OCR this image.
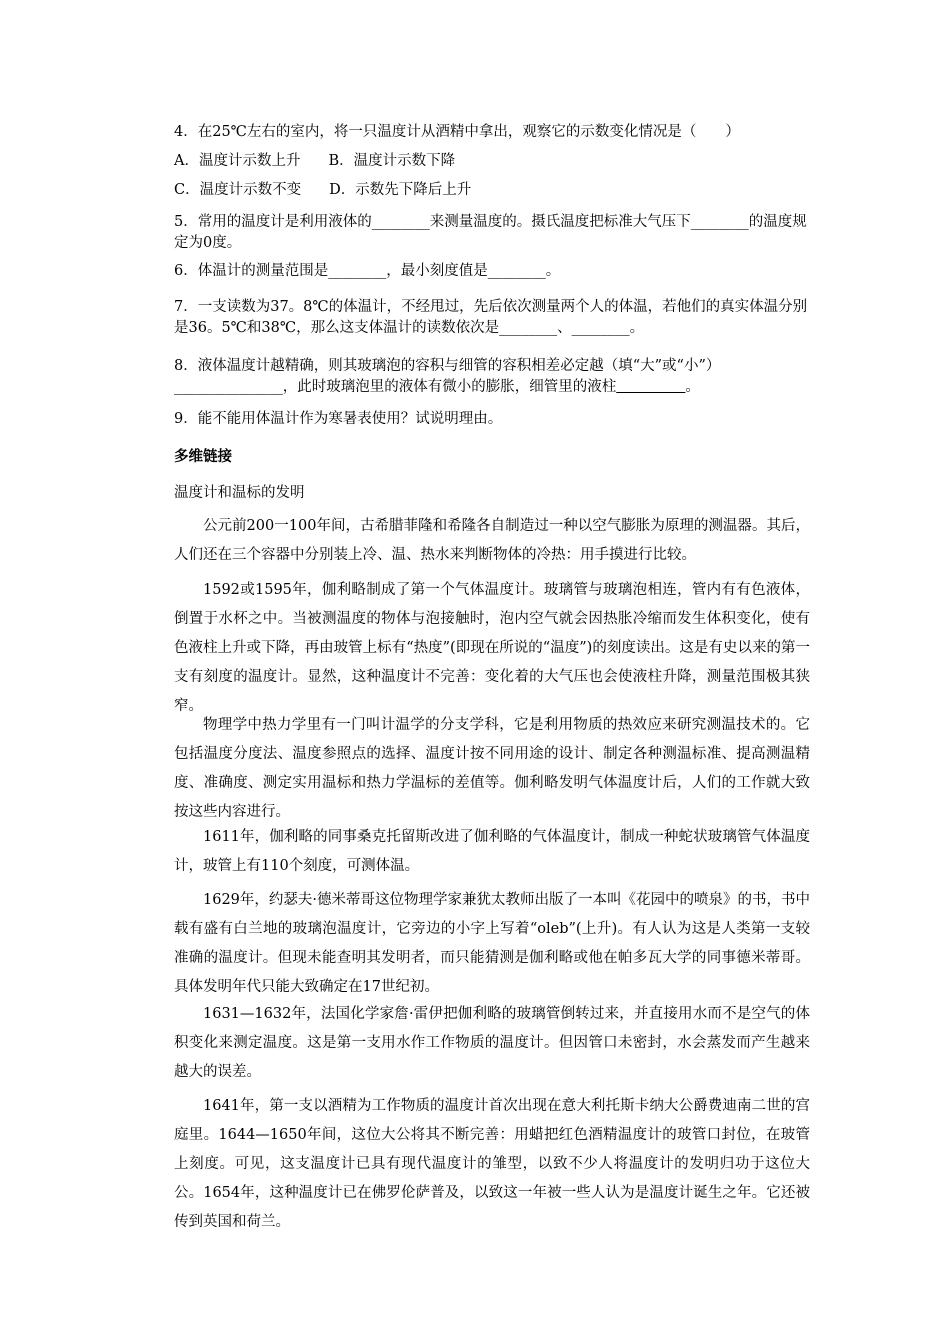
4．在25℃左右的室内，将一只温度计从酒精中拿出，观察它的示数变化情况是（　　）
A．温度计示数上升 B．温度计示数下降
C．温度计示数不变 D．示数先下降后上升
5．常用的温度计是利用液体的________来测量温度的。摄氏温度把标准大气压下________的温度规定为0度。
6．体温计的测量范围是________，最小刻度值是________。
7．一支读数为37。8℃的体温计，不经甩过，先后依次测量两个人的体温，若他们的真实体温分别是36。5℃和38℃，那么这支体温计的读数依次是________、________。
8．液体温度计越精确，则其玻璃泡的容积与细管的容积相差必定越（填“大”或“小”）_______________，此时玻璃泡里的液体有微小的膨胀，细管里的液柱	。
9．能不能用体温计作为寒暑表使用？试说明理由。
多维链接
温度计和温标的发明
公元前200一100年间，古希腊菲隆和希隆各自制造过一种以空气膨胀为原理的测温器。其后，人们还在三个容器中分别装上冷、温、热水来判断物体的冷热：用手摸进行比较。
1592或1595年，伽利略制成了第一个气体温度计。玻璃管与玻璃泡相连，管内有有色液体，倒置于水杯之中。当被测温度的物体与泡接触时，泡内空气就会因热胀冷缩而发生体积变化，使有色液柱上升或下降，再由玻管上标有“热度”(即现在所说的“温度”)的刻度读出。这是有史以来的第一支有刻度的温度计。显然，这种温度计不完善：变化着的大气压也会使液柱升降，测量范围极其狭窄。
物理学中热力学里有一门叫计温学的分支学科，它是利用物质的热效应来研究测温技术的。它包括温度分度法、温度参照点的选择、温度计按不同用途的设计、制定各种测温标准、提高测温精度、准确度、测定实用温标和热力学温标的差值等。伽利略发明气体温度计后，人们的工作就大致按这些内容进行。
1611年，伽利略的同事桑克托留斯改进了伽利略的气体温度计，制成一种蛇状玻璃管气体温度计，玻管上有110个刻度，可测体温。
1629年，约瑟夫·德米蒂哥这位物理学家兼犹太教师出版了一本叫《花园中的喷泉》的书，书中载有盛有白兰地的玻璃泡温度计，它旁边的小字上写着“oleb”(上升)。有人认为这是人类第一支较准确的温度计。但现未能查明其发明者，而只能猜测是伽利略或他在帕多瓦大学的同事德米蒂哥。具体发明年代只能大致确定在17世纪初。
1631—1632年，法国化学家詹·雷伊把伽利略的玻璃管倒转过来，并直接用水而不是空气的体积变化来测定温度。这是第一支用水作工作物质的温度计。但因管口未密封，水会蒸发而产生越来越大的误差。
1641年，第一支以酒精为工作物质的温度计首次出现在意大利托斯卡纳大公爵费迪南二世的宫庭里。1644—1650年间，这位大公将其不断完善：用蜡把红色酒精温度计的玻管口封位，在玻管上刻度。可见，这支温度计已具有现代温度计的雏型，以致不少人将温度计的发明归功于这位大公。1654年，这种温度计已在佛罗伦萨普及，以致这一年被一些人认为是温度计诞生之年。它还被传到英国和荷兰。
